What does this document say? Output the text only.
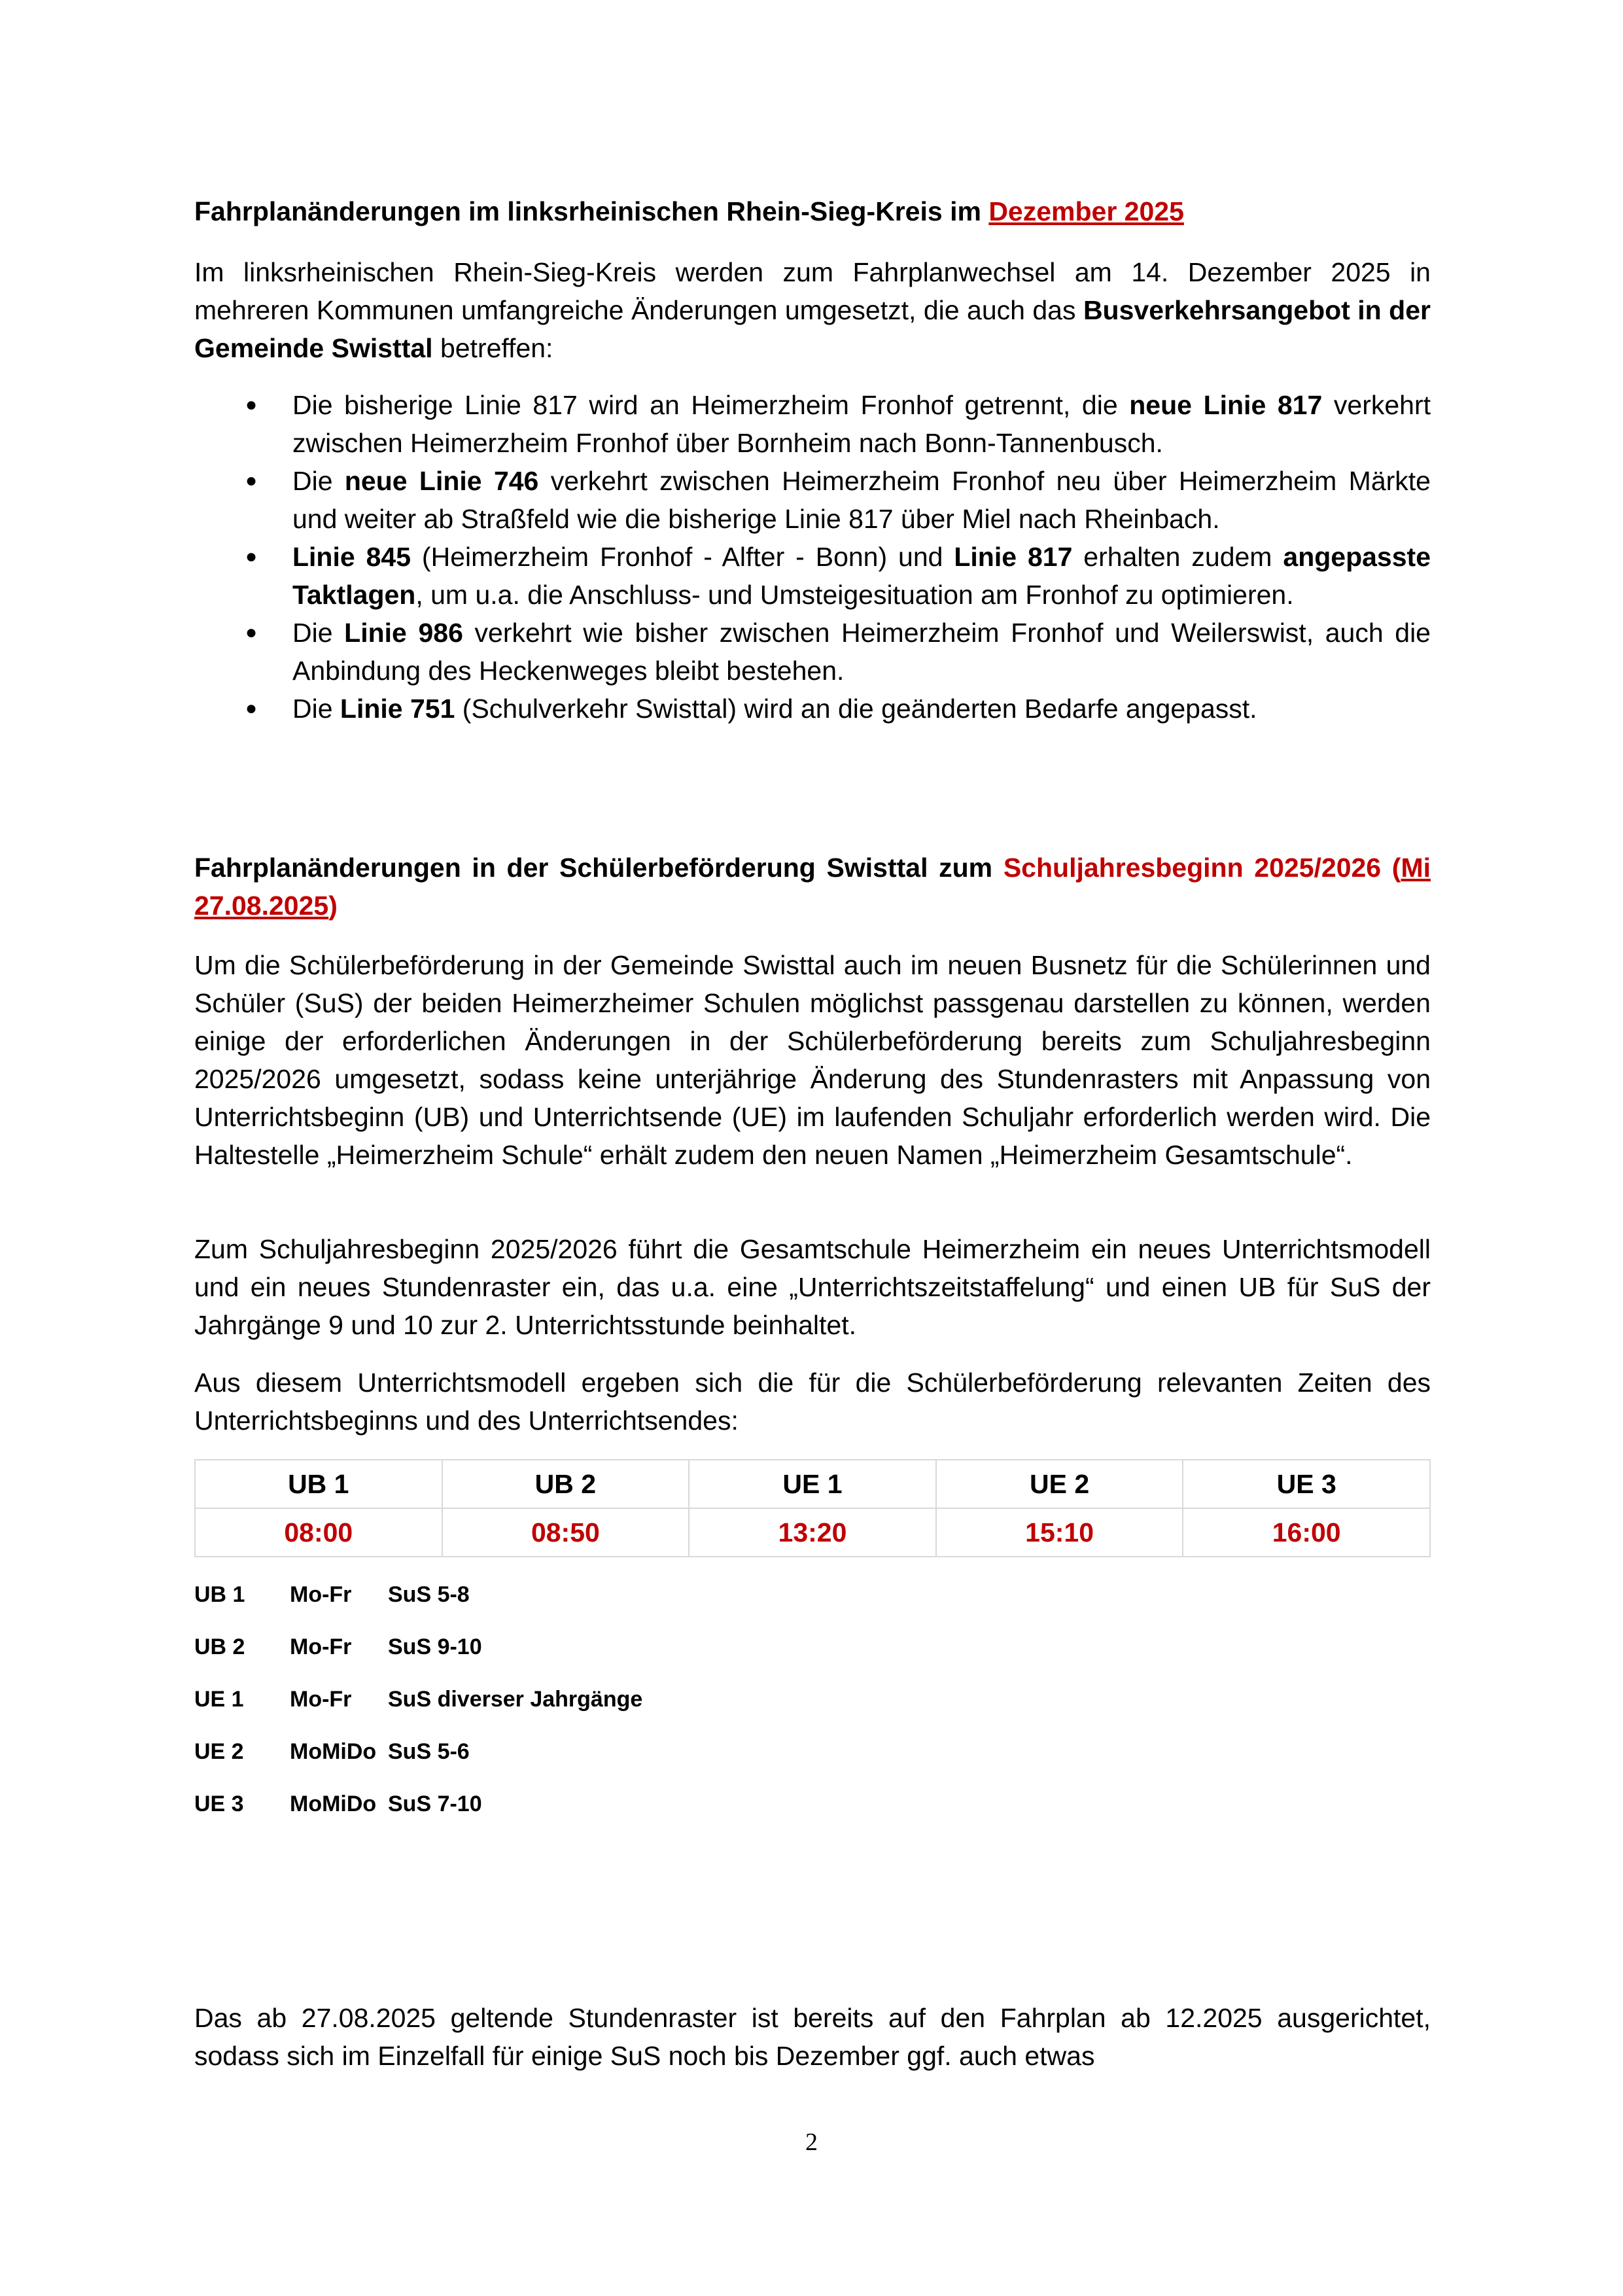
Fahrplanänderungen im linksrheinischen Rhein-Sieg-Kreis im Dezember 2025

Im linksrheinischen Rhein-Sieg-Kreis werden zum Fahrplanwechsel am 14. Dezember 2025 in mehreren Kommunen umfangreiche Änderungen umgesetzt, die auch das Busverkehrsangebot in der Gemeinde Swisttal betreffen:

● Die bisherige Linie 817 wird an Heimerzheim Fronhof getrennt, die neue Linie 817 verkehrt zwischen Heimerzheim Fronhof über Bornheim nach Bonn-Tannenbusch.
● Die neue Linie 746 verkehrt zwischen Heimerzheim Fronhof neu über Heimerzheim Märkte und weiter ab Straßfeld wie die bisherige Linie 817 über Miel nach Rheinbach.
● Linie 845 (Heimerzheim Fronhof - Alfter - Bonn) und Linie 817 erhalten zudem angepasste Taktlagen, um u.a. die Anschluss- und Umsteigesituation am Fronhof zu optimieren.
● Die Linie 986 verkehrt wie bisher zwischen Heimerzheim Fronhof und Weilerswist, auch die Anbindung des Heckenweges bleibt bestehen.
● Die Linie 751 (Schulverkehr Swisttal) wird an die geänderten Bedarfe angepasst.

Fahrplanänderungen in der Schülerbeförderung Swisttal zum Schuljahresbeginn 2025/2026 (Mi 27.08.2025)

Um die Schülerbeförderung in der Gemeinde Swisttal auch im neuen Busnetz für die Schülerinnen und Schüler (SuS) der beiden Heimerzheimer Schulen möglichst passgenau darstellen zu können, werden einige der erforderlichen Änderungen in der Schülerbeförderung bereits zum Schuljahresbeginn 2025/2026 umgesetzt, sodass keine unterjährige Änderung des Stundenrasters mit Anpassung von Unterrichtsbeginn (UB) und Unterrichtsende (UE) im laufenden Schuljahr erforderlich werden wird. Die Haltestelle „Heimerzheim Schule“ erhält zudem den neuen Namen „Heimerzheim Gesamtschule“.

Zum Schuljahresbeginn 2025/2026 führt die Gesamtschule Heimerzheim ein neues Unterrichtsmodell und ein neues Stundenraster ein, das u.a. eine „Unterrichtszeitstaffelung“ und einen UB für SuS der Jahrgänge 9 und 10 zur 2. Unterrichtsstunde beinhaltet.

Aus diesem Unterrichtsmodell ergeben sich die für die Schülerbeförderung relevanten Zeiten des Unterrichtsbeginns und des Unterrichtsendes:

UB 1	UB 2	UE 1	UE 2	UE 3
08:00	08:50	13:20	15:10	16:00
UB 1 Mo-Fr SuS 5-8
UB 2 Mo-Fr SuS 9-10
UE 1 Mo-Fr SuS diverser Jahrgänge
UE 2 MoMiDo SuS 5-6
UE 3 MoMiDo SuS 7-10

Das ab 27.08.2025 geltende Stundenraster ist bereits auf den Fahrplan ab 12.2025 ausgerichtet, sodass sich im Einzelfall für einige SuS noch bis Dezember ggf. auch etwas

2
